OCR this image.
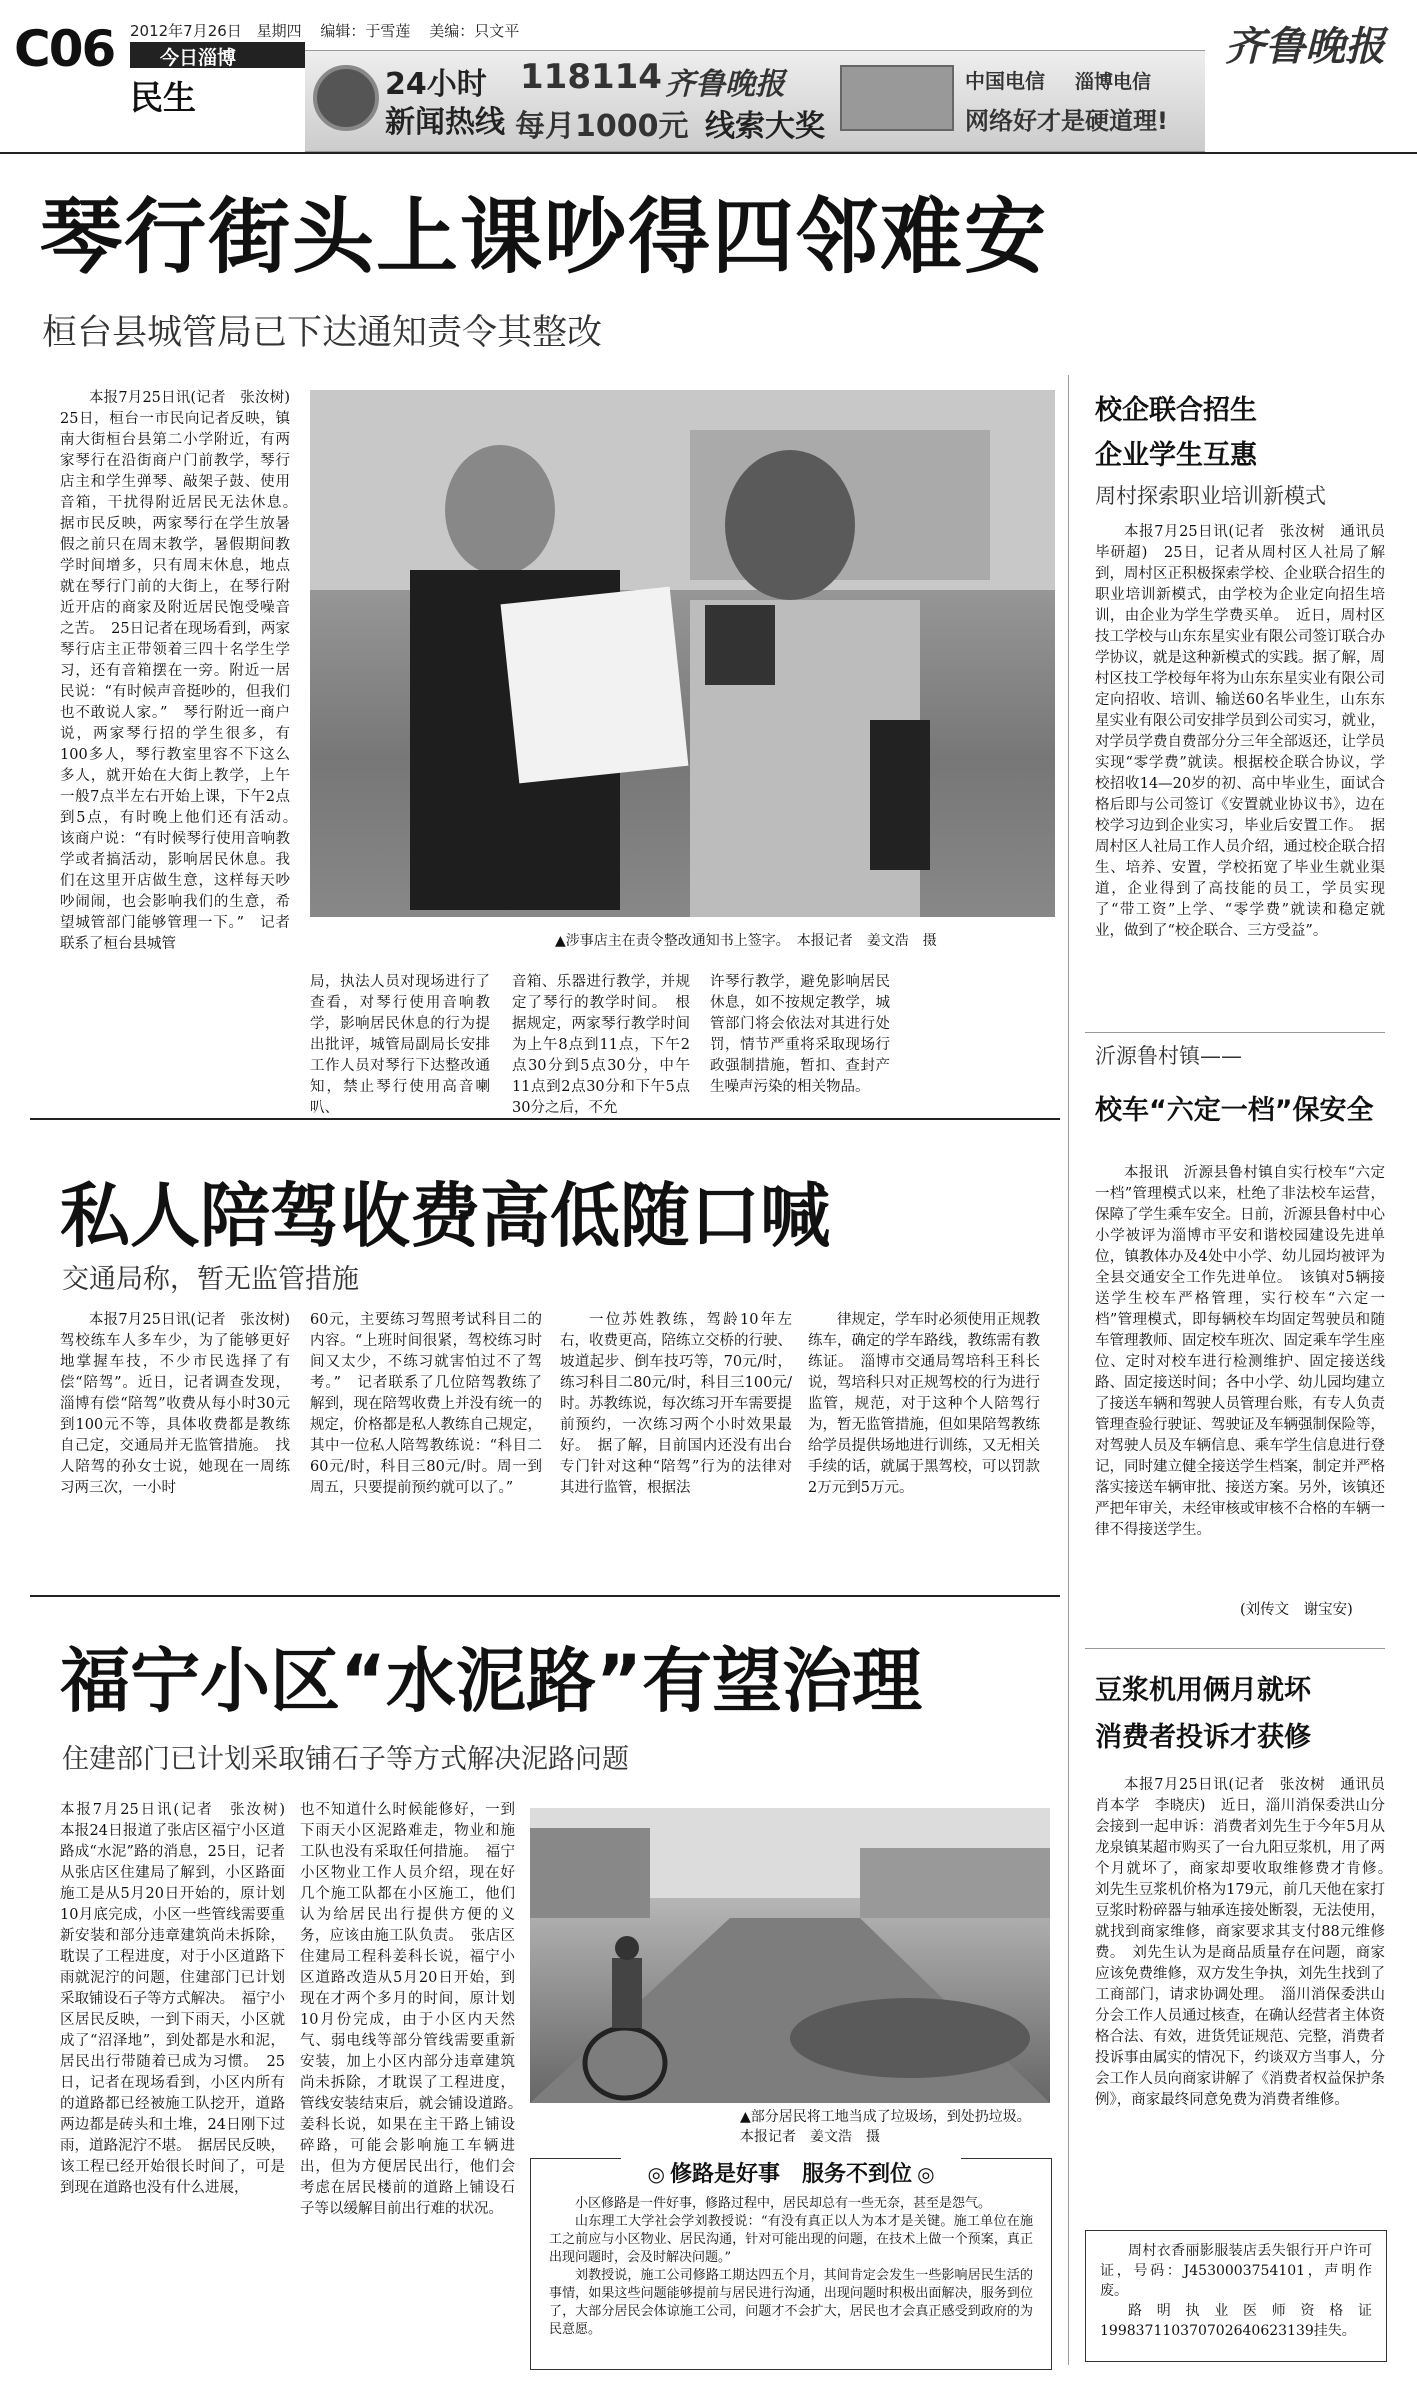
C06 2012年7月26日 星期四 编辑：于雪莲 美编：只文平
今日淄博
民生	24小时
新闻热线
118114 齐鲁晚报
每月1000元 线索大奖
中国电信 淄博电信
网络好才是硬道理!
齐鲁晚报
琴行街头上课吵得四邻难安
桓台县城管局已下达通知责令其整改

本报7月25日讯(记者　张汝树)　25日，桓台一市民向记者反映，镇南大街桓台县第二小学附近，有两家琴行在沿街商户门前教学，琴行店主和学生弹琴、敲架子鼓、使用音箱，干扰得附近居民无法休息。　据市民反映，两家琴行在学生放暑假之前只在周末教学，暑假期间教学时间增多，只有周末休息，地点就在琴行门前的大街上，在琴行附近开店的商家及附近居民饱受噪音之苦。　25日记者在现场看到，两家琴行店主正带领着三四十名学生学习，还有音箱摆在一旁。附近一居民说：“有时候声音挺吵的，但我们也不敢说人家。”　琴行附近一商户说，两家琴行招的学生很多，有100多人，琴行教室里容不下这么多人，就开始在大街上教学，上午一般7点半左右开始上课，下午2点到5点，有时晚上他们还有活动。　该商户说：“有时候琴行使用音响教学或者搞活动，影响居民休息。我们在这里开店做生意，这样每天吵吵闹闹，也会影响我们的生意，希望城管部门能够管理一下。”　记者联系了桓台县城管	▲涉事店主在责令整改通知书上签字。　本报记者　姜文浩　摄

局，执法人员对现场进行了查看，对琴行使用音响教学，影响居民休息的行为提出批评，城管局副局长安排工作人员对琴行下达整改通知，禁止琴行使用高音喇叭、

音箱、乐器进行教学，并规定了琴行的教学时间。　根据规定，两家琴行教学时间为上午8点到11点，下午2点30分到5点30分，中午11点到2点30分和下午5点30分之后，不允

许琴行教学，避免影响居民休息，如不按规定教学，城管部门将会依法对其进行处罚，情节严重将采取现场行政强制措施，暂扣、查封产生噪声污染的相关物品。

私人陪驾收费高低随口喊
交通局称，暂无监管措施

本报7月25日讯(记者　张汝树)驾校练车人多车少，为了能够更好地掌握车技，不少市民选择了有偿“陪驾”。近日，记者调查发现，淄博有偿“陪驾”收费从每小时30元到100元不等，具体收费都是教练自己定，交通局并无监管措施。　找人陪驾的孙女士说，她现在一周练习两三次，一小时

60元，主要练习驾照考试科目二的内容。“上班时间很紧，驾校练习时间又太少，不练习就害怕过不了驾考。”　记者联系了几位陪驾教练了解到，现在陪驾收费上并没有统一的规定，价格都是私人教练自己规定，其中一位私人陪驾教练说：“科目二60元/时，科目三80元/时。周一到周五，只要提前预约就可以了。”

一位苏姓教练，驾龄10年左右，收费更高，陪练立交桥的行驶、坡道起步、倒车技巧等，70元/时，练习科目二80元/时，科目三100元/时。苏教练说，每次练习开车需要提前预约，一次练习两个小时效果最好。　据了解，目前国内还没有出台专门针对这种“陪驾”行为的法律对其进行监管，根据法

律规定，学车时必须使用正规教练车，确定的学车路线，教练需有教练证。　淄博市交通局驾培科王科长说，驾培科只对正规驾校的行为进行监管，规范，对于这种个人陪驾行为，暂无监管措施，但如果陪驾教练给学员提供场地进行训练，又无相关手续的话，就属于黑驾校，可以罚款2万元到5万元。

福宁小区“水泥路”有望治理
住建部门已计划采取铺石子等方式解决泥路问题

本报7月25日讯(记者　张汝树)　本报24日报道了张店区福宁小区道路成“水泥”路的消息，25日，记者从张店区住建局了解到，小区路面施工是从5月20日开始的，原计划10月底完成，小区一些管线需要重新安装和部分违章建筑尚未拆除，耽误了工程进度，对于小区道路下雨就泥泞的问题，住建部门已计划采取铺设石子等方式解决。　福宁小区居民反映，一到下雨天，小区就成了“沼泽地”，到处都是水和泥，居民出行带随着已成为习惯。　25日，记者在现场看到，小区内所有的道路都已经被施工队挖开，道路两边都是砖头和土堆，24日刚下过雨，道路泥泞不堪。　据居民反映，该工程已经开始很长时间了，可是到现在道路也没有什么进展，

也不知道什么时候能修好，一到下雨天小区泥路难走，物业和施工队也没有采取任何措施。　福宁小区物业工作人员介绍，现在好几个施工队都在小区施工，他们认为给居民出行提供方便的义务，应该由施工队负责。　张店区住建局工程科姜科长说，福宁小区道路改造从5月20日开始，到现在才两个多月的时间，原计划10月份完成，由于小区内天然气、弱电线等部分管线需要重新安装，加上小区内部分违章建筑尚未拆除，才耽误了工程进度，管线安装结束后，就会铺设道路。　姜科长说，如果在主干路上铺设碎路，可能会影响施工车辆进出，但为方便居民出行，他们会考虑在居民楼前的道路上铺设石子等以缓解目前出行难的状况。

▲部分居民将工地当成了垃圾场，到处扔垃圾。　本报记者　姜文浩　摄
◎ 修路是好事　服务不到位 ◎

小区修路是一件好事，修路过程中，居民却总有一些无奈，甚至是怨气。

山东理工大学社会学刘教授说：“有没有真正以人为本才是关键。施工单位在施工之前应与小区物业、居民沟通，针对可能出现的问题，在技术上做一个预案，真正出现问题时，会及时解决问题。”

刘教授说，施工公司修路工期达四五个月，其间肯定会发生一些影响居民生活的事情，如果这些问题能够提前与居民进行沟通，出现问题时积极出面解决，服务到位了，大部分居民会体谅施工公司，问题才不会扩大，居民也才会真正感受到政府的为民意愿。

校企联合招生
企业学生互惠
周村探索职业培训新模式

本报7月25日讯(记者　张汝树　通讯员　毕研超)　25日，记者从周村区人社局了解到，周村区正积极探索学校、企业联合招生的职业培训新模式，由学校为企业定向招生培训，由企业为学生学费买单。　近日，周村区技工学校与山东东星实业有限公司签订联合办学协议，就是这种新模式的实践。据了解，周村区技工学校每年将为山东东星实业有限公司定向招收、培训、输送60名毕业生，山东东星实业有限公司安排学员到公司实习，就业，对学员学费自费部分分三年全部返还，让学员实现“零学费”就读。根据校企联合协议，学校招收14—20岁的初、高中毕业生，面试合格后即与公司签订《安置就业协议书》，边在校学习边到企业实习，毕业后安置工作。　据周村区人社局工作人员介绍，通过校企联合招生、培养、安置，学校拓宽了毕业生就业渠道，企业得到了高技能的员工，学员实现了“带工资”上学、“零学费”就读和稳定就业，做到了“校企联合、三方受益”。

沂源鲁村镇——
校车“六定一档”保安全

本报讯　沂源县鲁村镇自实行校车“六定一档”管理模式以来，杜绝了非法校车运营，保障了学生乘车安全。日前，沂源县鲁村中心小学被评为淄博市平安和谐校园建设先进单位，镇教体办及4处中小学、幼儿园均被评为全县交通安全工作先进单位。　该镇对5辆接送学生校车严格管理，实行校车“六定一档”管理模式，即每辆校车均固定驾驶员和随车管理教师、固定校车班次、固定乘车学生座位、定时对校车进行检测维护、固定接送线路、固定接送时间；各中小学、幼儿园均建立了接送车辆和驾驶人员管理台账，有专人负责管理查验行驶证、驾驶证及车辆强制保险等，对驾驶人员及车辆信息、乘车学生信息进行登记，同时建立健全接送学生档案，制定并严格落实接送车辆审批、接送方案。另外，该镇还严把年审关，未经审核或审核不合格的车辆一律不得接送学生。

(刘传文　谢宝安)
豆浆机用俩月就坏
消费者投诉才获修

本报7月25日讯(记者　张汝树　通讯员　肖本学　李晓庆)　近日，淄川消保委洪山分会接到一起申诉：消费者刘先生于今年5月从龙泉镇某超市购买了一台九阳豆浆机，用了两个月就坏了，商家却要收取维修费才肯修。　刘先生豆浆机价格为179元，前几天他在家打豆浆时粉碎器与轴承连接处断裂，无法使用，就找到商家维修，商家要求其支付88元维修费。　刘先生认为是商品质量存在问题，商家应该免费维修，双方发生争执，刘先生找到了工商部门，请求协调处理。　淄川消保委洪山分会工作人员通过核查，在确认经营者主体资格合法、有效，进货凭证规范、完整，消费者投诉事由属实的情况下，约谈双方当事人，分会工作人员向商家讲解了《消费者权益保护条例》，商家最终同意免费为消费者维修。

周村衣香丽影服装店丢失银行开户许可证，号码：J4530003754101，声明作废。

路明执业医师资格证199837110370702640623139挂失。
